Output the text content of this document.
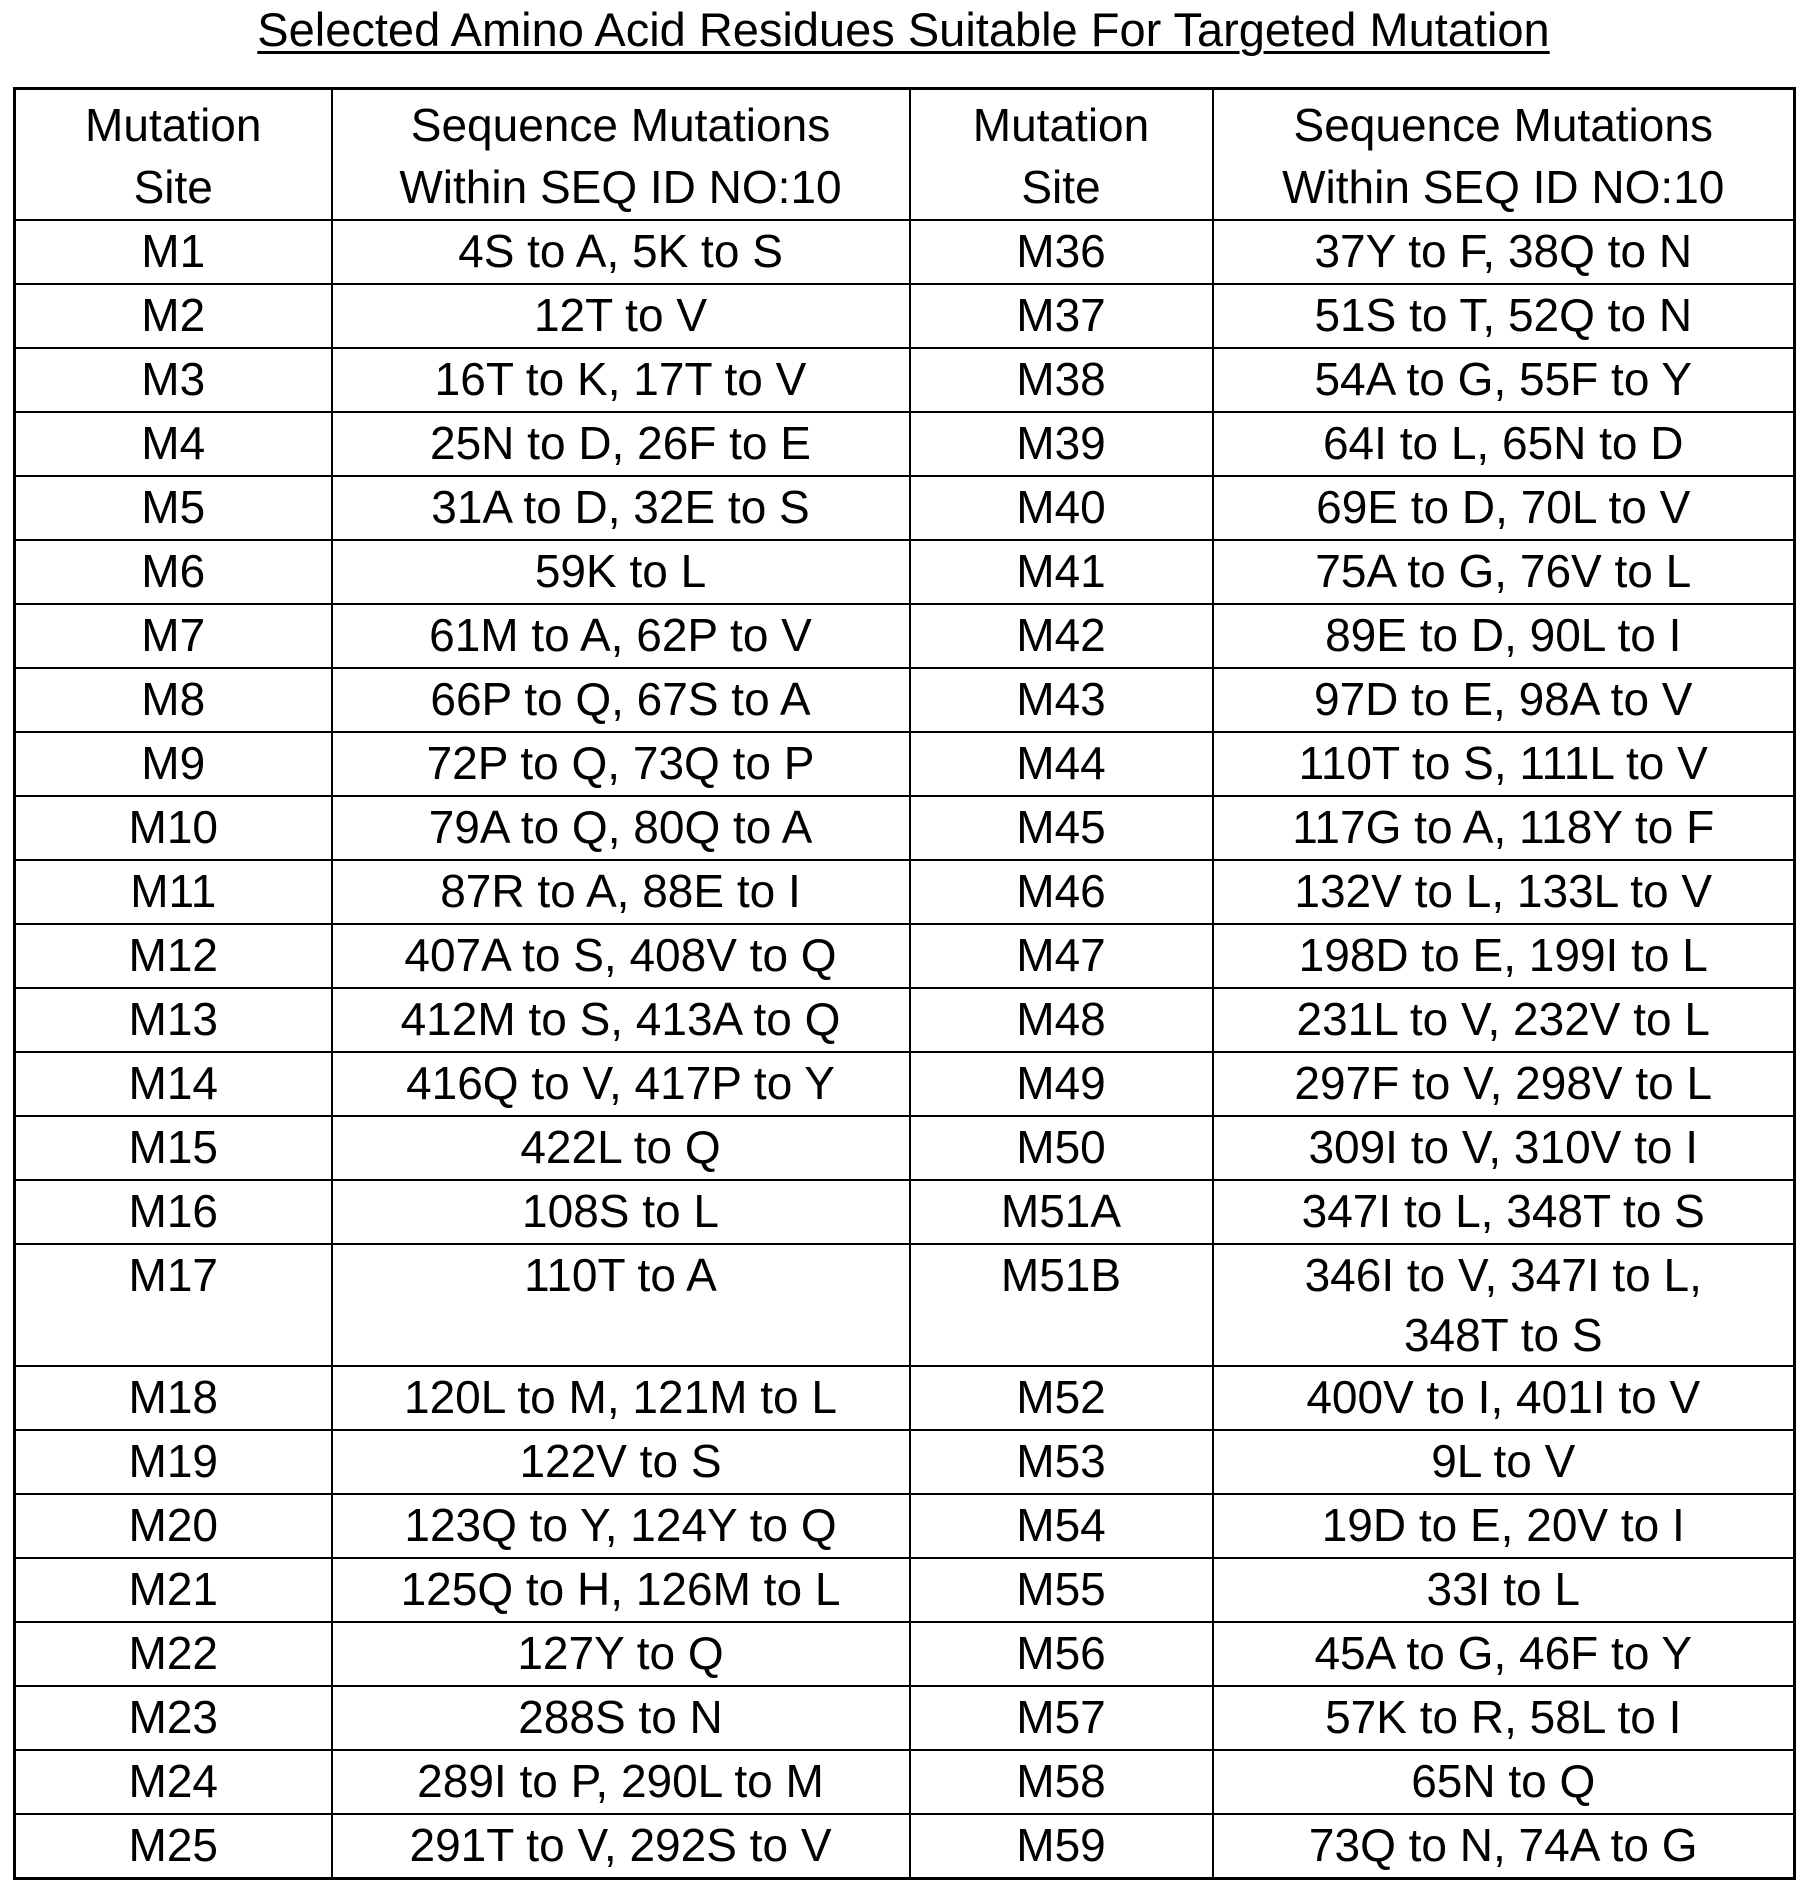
Selected Amino Acid Residues Suitable For Targeted Mutation
Mutation
Site	Sequence Mutations
Within SEQ ID NO:10	Mutation
Site	Sequence Mutations
Within SEQ ID NO:10
M1	4S to A, 5K to S	M36	37Y to F, 38Q to N
M2	12T to V	M37	51S to T, 52Q to N
M3	16T to K, 17T to V	M38	54A to G, 55F to Y
M4	25N to D, 26F to E	M39	64I to L, 65N to D
M5	31A to D, 32E to S	M40	69E to D, 70L to V
M6	59K to L	M41	75A to G, 76V to L
M7	61M to A, 62P to V	M42	89E to D, 90L to I
M8	66P to Q, 67S to A	M43	97D to E, 98A to V
M9	72P to Q, 73Q to P	M44	110T to S, 111L to V
M10	79A to Q, 80Q to A	M45	117G to A, 118Y to F
M11	87R to A, 88E to I	M46	132V to L, 133L to V
M12	407A to S, 408V to Q	M47	198D to E, 199I to L
M13	412M to S, 413A to Q	M48	231L to V, 232V to L
M14	416Q to V, 417P to Y	M49	297F to V, 298V to L
M15	422L to Q	M50	309I to V, 310V to I
M16	108S to L	M51A	347I to L, 348T to S
M17	110T to A	M51B	346I to V, 347I to L, 348T to S
M18	120L to M, 121M to L	M52	400V to I, 401I to V
M19	122V to S	M53	9L to V
M20	123Q to Y, 124Y to Q	M54	19D to E, 20V to I
M21	125Q to H, 126M to L	M55	33I to L
M22	127Y to Q	M56	45A to G, 46F to Y
M23	288S to N	M57	57K to R, 58L to I
M24	289I to P, 290L to M	M58	65N to Q
M25	291T to V, 292S to V	M59	73Q to N, 74A to G
